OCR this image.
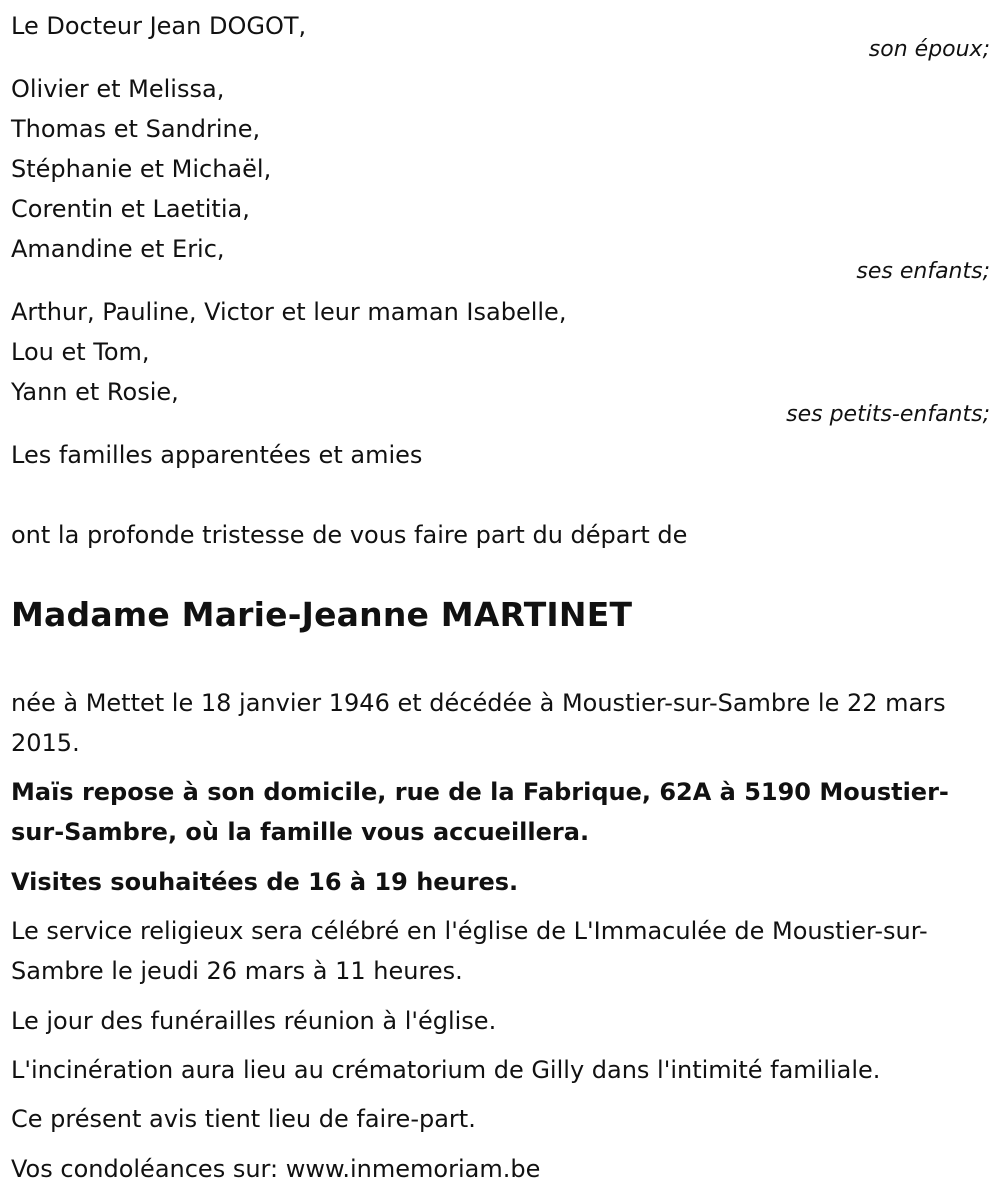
Le Docteur Jean DOGOT,
son époux;
Olivier et Melissa,
Thomas et Sandrine,
Stéphanie et Michaël,
Corentin et Laetitia,
Amandine et Eric,
ses enfants;
Arthur, Pauline, Victor et leur maman Isabelle,
Lou et Tom,
Yann et Rosie,
ses petits-enfants;
Les familles apparentées et amies
ont la profonde tristesse de vous faire part du départ de
Madame Marie-Jeanne MARTINET
née à Mettet le 18 janvier 1946 et décédée à Moustier-sur-Sambre le 22 mars 2015.
Maïs repose à son domicile, rue de la Fabrique, 62A à 5190 Moustier-sur-Sambre, où la famille vous accueillera.
Visites souhaitées de 16 à 19 heures.
Le service religieux sera célébré en l'église de L'Immaculée de Moustier-sur-Sambre le jeudi 26 mars à 11 heures.
Le jour des funérailles réunion à l'église.
L'incinération aura lieu au crématorium de Gilly dans l'intimité familiale.
Ce présent avis tient lieu de faire-part.
Vos condoléances sur: www.inmemoriam.be
